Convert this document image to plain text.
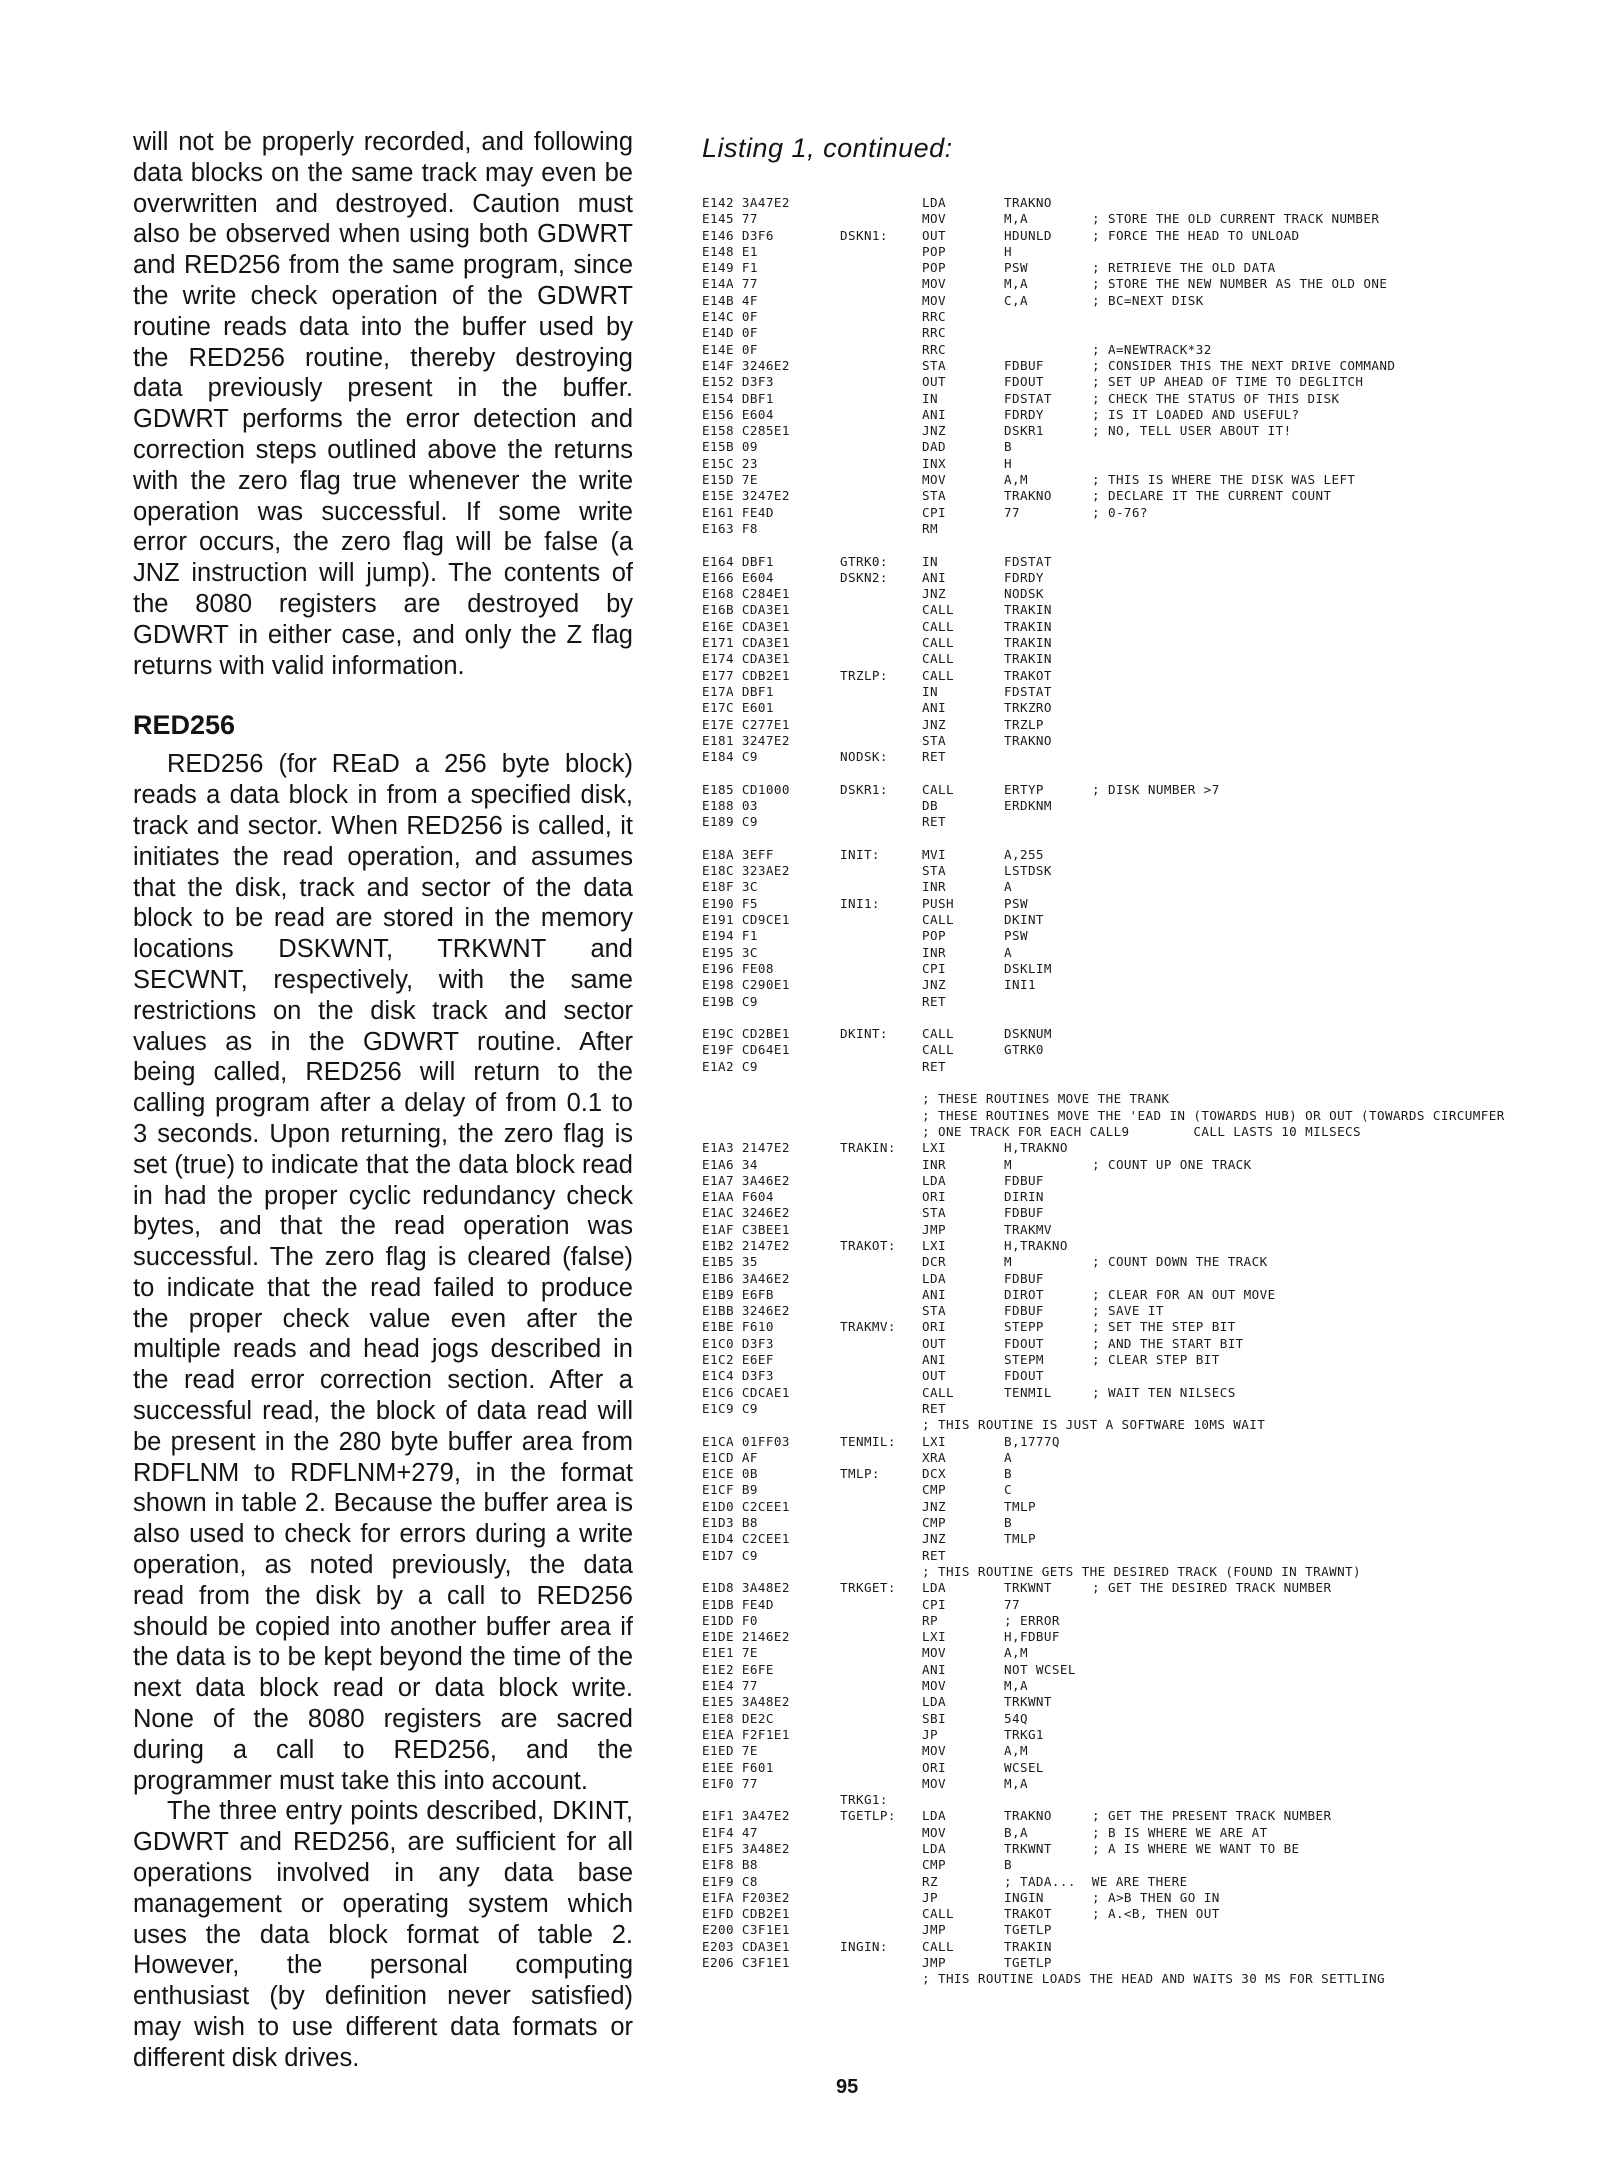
will not be properly recorded, and following data blocks on the same track may even be overwritten and destroyed. Caution must also be observed when using both GDWRT and RED256 from the same program, since the write check operation of the GDWRT routine reads data into the buffer used by the RED256 routine, thereby destroying data previously present in the buffer. GDWRT performs the error detection and correction steps outlined above the returns with the zero flag true whenever the write operation was successful. If some write error occurs, the zero flag will be false (a JNZ instruction will jump). The contents of the 8080 registers are destroyed by GDWRT in either case, and only the Z flag returns with valid information.

RED256

RED256 (for REaD a 256 byte block) reads a data block in from a specified disk, track and sector. When RED256 is called, it initiates the read operation, and assumes that the disk, track and sector of the data block to be read are stored in the memory locations DSKWNT, TRKWNT and SECWNT, respectively, with the same restrictions on the disk track and sector values as in the GDWRT routine. After being called, RED256 will return to the calling program after a delay of from 0.1 to 3 seconds. Upon returning, the zero flag is set (true) to indicate that the data block read in had the proper cyclic redundancy check bytes, and that the read operation was successful. The zero flag is cleared (false) to indicate that the read failed to produce the proper check value even after the multiple reads and head jogs described in the read error correction section. After a successful read, the block of data read will be present in the 280 byte buffer area from RDFLNM to RDFLNM+279, in the format shown in table 2. Because the buffer area is also used to check for errors during a write operation, as noted previously, the data read from the disk by a call to RED256 should be copied into another buffer area if the data is to be kept beyond the time of the next data block read or data block write. None of the 8080 registers are sacred during a call to RED256, and the programmer must take this into account.

The three entry points described, DKINT, GDWRT and RED256, are sufficient for all operations involved in any data base management or operating system which uses the data block format of table 2. However, the personal computing enthusiast (by definition never satisfied) may wish to use different data formats or different disk drives.

Listing 1, continued:
E142 3A47E2	LDA	TRAKNO
E145 77	MOV	M,A	; STORE THE OLD CURRENT TRACK NUMBER
E146 D3F6	DSKN1:	OUT	HDUNLD	; FORCE THE HEAD TO UNLOAD
E148 E1	POP	H
E149 F1	POP	PSW	; RETRIEVE THE OLD DATA
E14A 77	MOV	M,A	; STORE THE NEW NUMBER AS THE OLD ONE
E14B 4F	MOV	C,A	; BC=NEXT DISK
E14C 0F	RRC
E14D 0F	RRC
E14E 0F	RRC	; A=NEWTRACK*32
E14F 3246E2	STA	FDBUF	; CONSIDER THIS THE NEXT DRIVE COMMAND
E152 D3F3	OUT	FDOUT	; SET UP AHEAD OF TIME TO DEGLITCH
E154 DBF1	IN	FDSTAT	; CHECK THE STATUS OF THIS DISK
E156 E604	ANI	FDRDY	; IS IT LOADED AND USEFUL?
E158 C285E1	JNZ	DSKR1	; NO, TELL USER ABOUT IT!
E15B 09	DAD	B
E15C 23	INX	H
E15D 7E	MOV	A,M	; THIS IS WHERE THE DISK WAS LEFT
E15E 3247E2	STA	TRAKNO	; DECLARE IT THE CURRENT COUNT
E161 FE4D	CPI	77	; 0-76?
E163 F8	RM
E164 DBF1	GTRK0:	IN	FDSTAT
E166 E604	DSKN2:	ANI	FDRDY
E168 C284E1	JNZ	NODSK
E16B CDA3E1	CALL	TRAKIN
E16E CDA3E1	CALL	TRAKIN
E171 CDA3E1	CALL	TRAKIN
E174 CDA3E1	CALL	TRAKIN
E177 CDB2E1	TRZLP:	CALL	TRAKOT
E17A DBF1	IN	FDSTAT
E17C E601	ANI	TRKZRO
E17E C277E1	JNZ	TRZLP
E181 3247E2	STA	TRAKNO
E184 C9	NODSK:	RET
E185 CD1000	DSKR1:	CALL	ERTYP	; DISK NUMBER >7
E188 03	DB	ERDKNM
E189 C9	RET
E18A 3EFF	INIT:	MVI	A,255
E18C 323AE2	STA	LSTDSK
E18F 3C	INR	A
E190 F5	INI1:	PUSH	PSW
E191 CD9CE1	CALL	DKINT
E194 F1	POP	PSW
E195 3C	INR	A
E196 FE08	CPI	DSKLIM
E198 C290E1	JNZ	INI1
E19B C9	RET
E19C CD2BE1	DKINT:	CALL	DSKNUM
E19F CD64E1	CALL	GTRK0
E1A2 C9	RET
; THESE ROUTINES MOVE THE TRANK
; THESE ROUTINES MOVE THE 'EAD IN (TOWARDS HUB) OR OUT (TOWARDS CIRCUMFER
; ONE TRACK FOR EACH CALL9        CALL LASTS 10 MILSECS
E1A3 2147E2	TRAKIN:	LXI	H,TRAKNO
E1A6 34	INR	M	; COUNT UP ONE TRACK
E1A7 3A46E2	LDA	FDBUF
E1AA F604	ORI	DIRIN
E1AC 3246E2	STA	FDBUF
E1AF C3BEE1	JMP	TRAKMV
E1B2 2147E2	TRAKOT:	LXI	H,TRAKNO
E1B5 35	DCR	M	; COUNT DOWN THE TRACK
E1B6 3A46E2	LDA	FDBUF
E1B9 E6FB	ANI	DIROT	; CLEAR FOR AN OUT MOVE
E1BB 3246E2	STA	FDBUF	; SAVE IT
E1BE F610	TRAKMV:	ORI	STEPP	; SET THE STEP BIT
E1C0 D3F3	OUT	FDOUT	; AND THE START BIT
E1C2 E6EF	ANI	STEPM	; CLEAR STEP BIT
E1C4 D3F3	OUT	FDOUT
E1C6 CDCAE1	CALL	TENMIL	; WAIT TEN NILSECS
E1C9 C9	RET
; THIS ROUTINE IS JUST A SOFTWARE 10MS WAIT
E1CA 01FF03	TENMIL:	LXI	B,1777Q
E1CD AF	XRA	A
E1CE 0B	TMLP:	DCX	B
E1CF B9	CMP	C
E1D0 C2CEE1	JNZ	TMLP
E1D3 B8	CMP	B
E1D4 C2CEE1	JNZ	TMLP
E1D7 C9	RET
; THIS ROUTINE GETS THE DESIRED TRACK (FOUND IN TRAWNT)
E1D8 3A48E2	TRKGET:	LDA	TRKWNT	; GET THE DESIRED TRACK NUMBER
E1DB FE4D	CPI	77
E1DD F0	RP	; ERROR
E1DE 2146E2	LXI	H,FDBUF
E1E1 7E	MOV	A,M
E1E2 E6FE	ANI	NOT WCSEL
E1E4 77	MOV	M,A
E1E5 3A48E2	LDA	TRKWNT
E1E8 DE2C	SBI	54Q
E1EA F2F1E1	JP	TRKG1
E1ED 7E	MOV	A,M
E1EE F601	ORI	WCSEL
E1F0 77	MOV	M,A
TRKG1:
E1F1 3A47E2	TGETLP:	LDA	TRAKNO	; GET THE PRESENT TRACK NUMBER
E1F4 47	MOV	B,A	; B IS WHERE WE ARE AT
E1F5 3A48E2	LDA	TRKWNT	; A IS WHERE WE WANT TO BE
E1F8 B8	CMP	B
E1F9 C8	RZ	; TADA...  WE ARE THERE
E1FA F203E2	JP	INGIN	; A>B THEN GO IN
E1FD CDB2E1	CALL	TRAKOT	; A.<B, THEN OUT
E200 C3F1E1	JMP	TGETLP
E203 CDA3E1	INGIN:	CALL	TRAKIN
E206 C3F1E1	JMP	TGETLP
; THIS ROUTINE LOADS THE HEAD AND WAITS 30 MS FOR SETTLING
95
